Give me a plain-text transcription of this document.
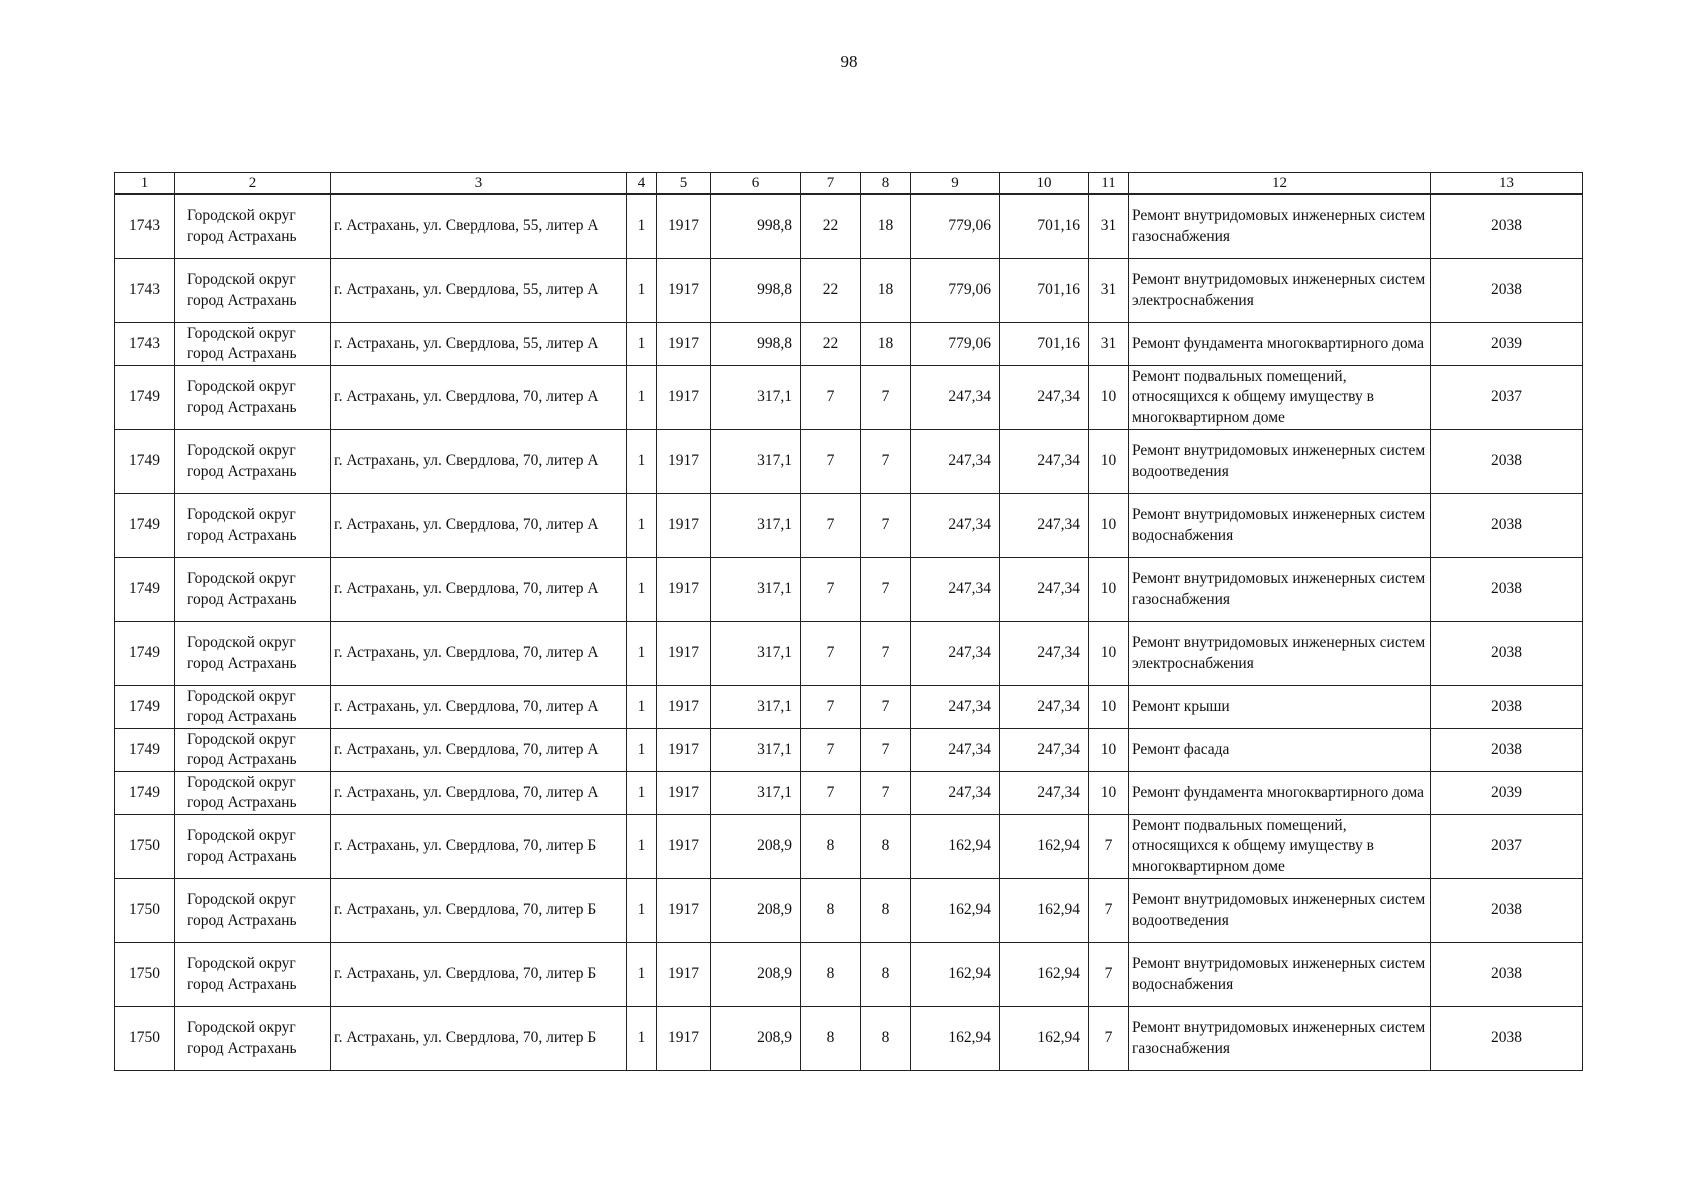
98
1	2	3	4	5	6	7	8	9	10	11	12	13
1743	Городской округ город Астрахань	г. Астрахань, ул. Свердлова, 55, литер А	1	1917	998,8	22	18	779,06	701,16	31	Ремонт внутридомовых инженерных систем газоснабжения	2038
1743	Городской округ город Астрахань	г. Астрахань, ул. Свердлова, 55, литер А	1	1917	998,8	22	18	779,06	701,16	31	Ремонт внутридомовых инженерных систем электроснабжения	2038
1743	Городской округ город Астрахань	г. Астрахань, ул. Свердлова, 55, литер А	1	1917	998,8	22	18	779,06	701,16	31	Ремонт фундамента многоквартирного дома	2039
1749	Городской округ город Астрахань	г. Астрахань, ул. Свердлова, 70, литер А	1	1917	317,1	7	7	247,34	247,34	10	Ремонт подвальных помещений, относящихся к общему имуществу в многоквартирном доме	2037
1749	Городской округ город Астрахань	г. Астрахань, ул. Свердлова, 70, литер А	1	1917	317,1	7	7	247,34	247,34	10	Ремонт внутридомовых инженерных систем водоотведения	2038
1749	Городской округ город Астрахань	г. Астрахань, ул. Свердлова, 70, литер А	1	1917	317,1	7	7	247,34	247,34	10	Ремонт внутридомовых инженерных систем водоснабжения	2038
1749	Городской округ город Астрахань	г. Астрахань, ул. Свердлова, 70, литер А	1	1917	317,1	7	7	247,34	247,34	10	Ремонт внутридомовых инженерных систем газоснабжения	2038
1749	Городской округ город Астрахань	г. Астрахань, ул. Свердлова, 70, литер А	1	1917	317,1	7	7	247,34	247,34	10	Ремонт внутридомовых инженерных систем электроснабжения	2038
1749	Городской округ город Астрахань	г. Астрахань, ул. Свердлова, 70, литер А	1	1917	317,1	7	7	247,34	247,34	10	Ремонт крыши	2038
1749	Городской округ город Астрахань	г. Астрахань, ул. Свердлова, 70, литер А	1	1917	317,1	7	7	247,34	247,34	10	Ремонт фасада	2038
1749	Городской округ город Астрахань	г. Астрахань, ул. Свердлова, 70, литер А	1	1917	317,1	7	7	247,34	247,34	10	Ремонт фундамента многоквартирного дома	2039
1750	Городской округ город Астрахань	г. Астрахань, ул. Свердлова, 70, литер Б	1	1917	208,9	8	8	162,94	162,94	7	Ремонт подвальных помещений, относящихся к общему имуществу в многоквартирном доме	2037
1750	Городской округ город Астрахань	г. Астрахань, ул. Свердлова, 70, литер Б	1	1917	208,9	8	8	162,94	162,94	7	Ремонт внутридомовых инженерных систем водоотведения	2038
1750	Городской округ город Астрахань	г. Астрахань, ул. Свердлова, 70, литер Б	1	1917	208,9	8	8	162,94	162,94	7	Ремонт внутридомовых инженерных систем водоснабжения	2038
1750	Городской округ город Астрахань	г. Астрахань, ул. Свердлова, 70, литер Б	1	1917	208,9	8	8	162,94	162,94	7	Ремонт внутридомовых инженерных систем газоснабжения	2038
